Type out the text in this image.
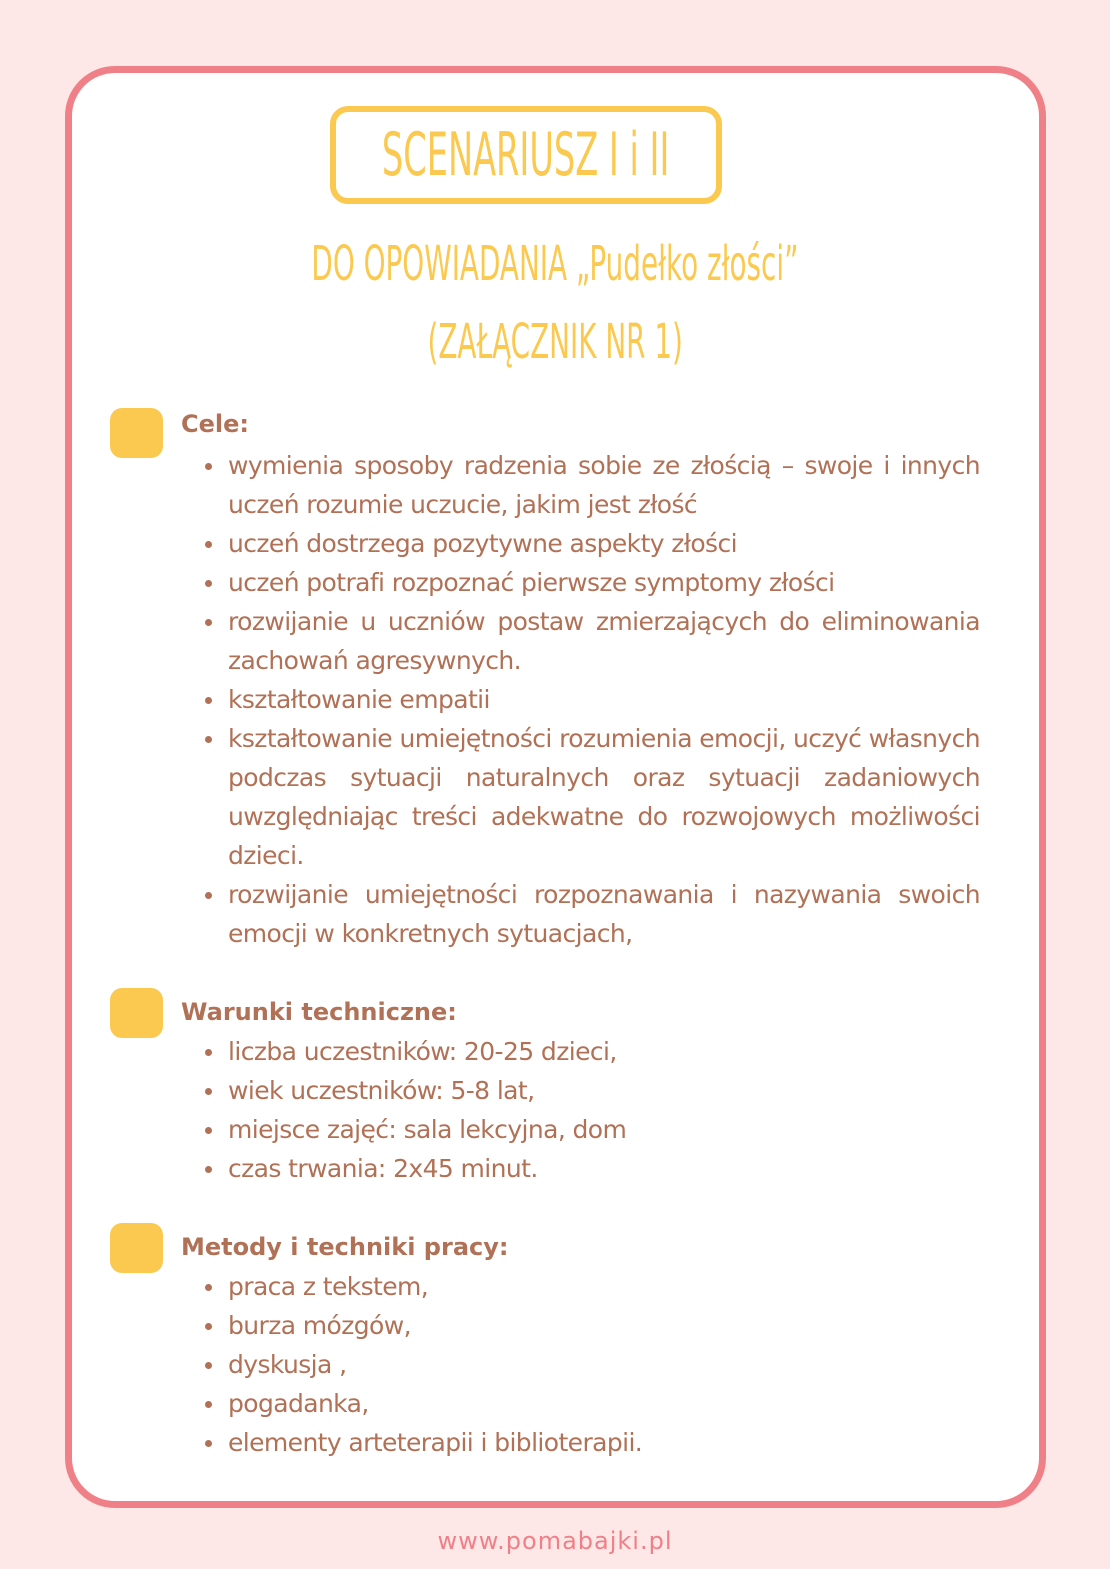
SCENARIUSZ I i II
DO OPOWIADANIA „Pudełko złości”
(ZAŁĄCZNIK NR 1)
Cele:
wymienia sposoby radzenia sobie ze złością – swoje i innych uczeń rozumie uczucie, jakim jest złość
uczeń dostrzega pozytywne aspekty złości
uczeń potrafi rozpoznać pierwsze symptomy złości
rozwijanie u uczniów postaw zmierzających do eliminowania zachowań agresywnych.
kształtowanie empatii
kształtowanie umiejętności rozumienia emocji, uczyć własnych podczas sytuacji naturalnych oraz sytuacji zadaniowych uwzględniając treści adekwatne do rozwojowych możliwości dzieci.
rozwijanie umiejętności rozpoznawania i nazywania swoich emocji w konkretnych sytuacjach,
Warunki techniczne:
liczba uczestników: 20-25 dzieci,
wiek uczestników: 5-8 lat,
miejsce zajęć: sala lekcyjna, dom
czas trwania: 2x45 minut.
Metody i techniki pracy:
praca z tekstem,
burza mózgów,
dyskusja ,
pogadanka,
elementy arteterapii i biblioterapii.
www.pomabajki.pl
